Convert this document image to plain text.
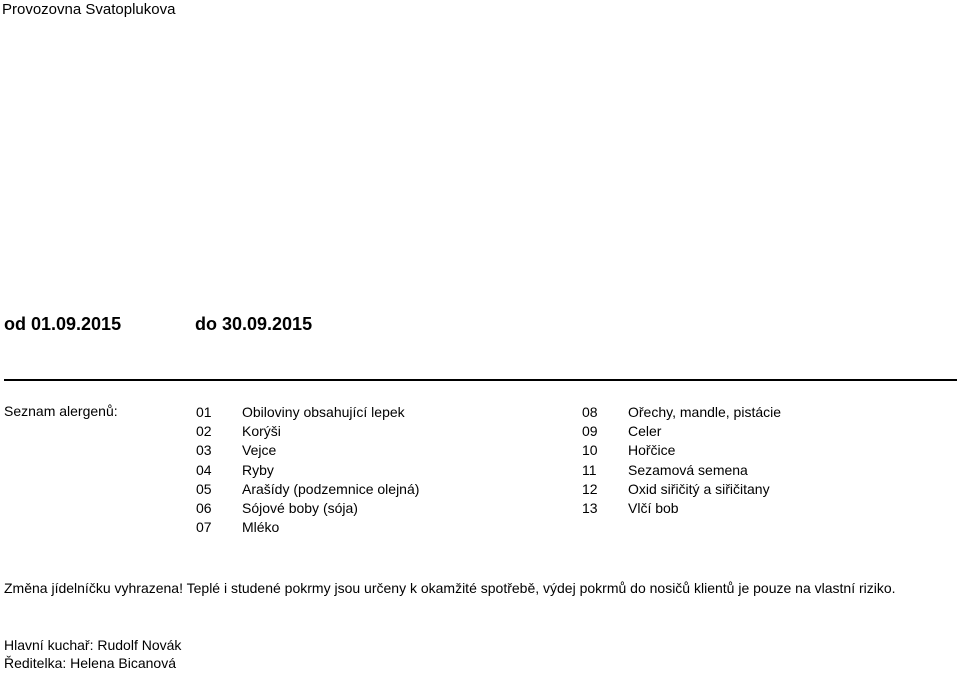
Provozovna Svatoplukova
od 01.09.2015	do 30.09.2015
Seznam alergenů:	01 Obiloviny obsahující lepek
02 Korýši
03 Vejce
04 Ryby
05 Arašídy (podzemnice olejná)
06 Sójové boby (sója)
07 Mléko
08 Ořechy, mandle, pistácie
09 Celer
10 Hořčice
11 Sezamová semena
12 Oxid siřičitý a siřičitany
13 Vlčí bob
Změna jídelníčku vyhrazena! Teplé i studené pokrmy jsou určeny k okamžité spotřebě, výdej pokrmů do nosičů klientů je pouze na vlastní riziko.
Hlavní kuchař: Rudolf Novák
Ředitelka: Helena Bicanová
